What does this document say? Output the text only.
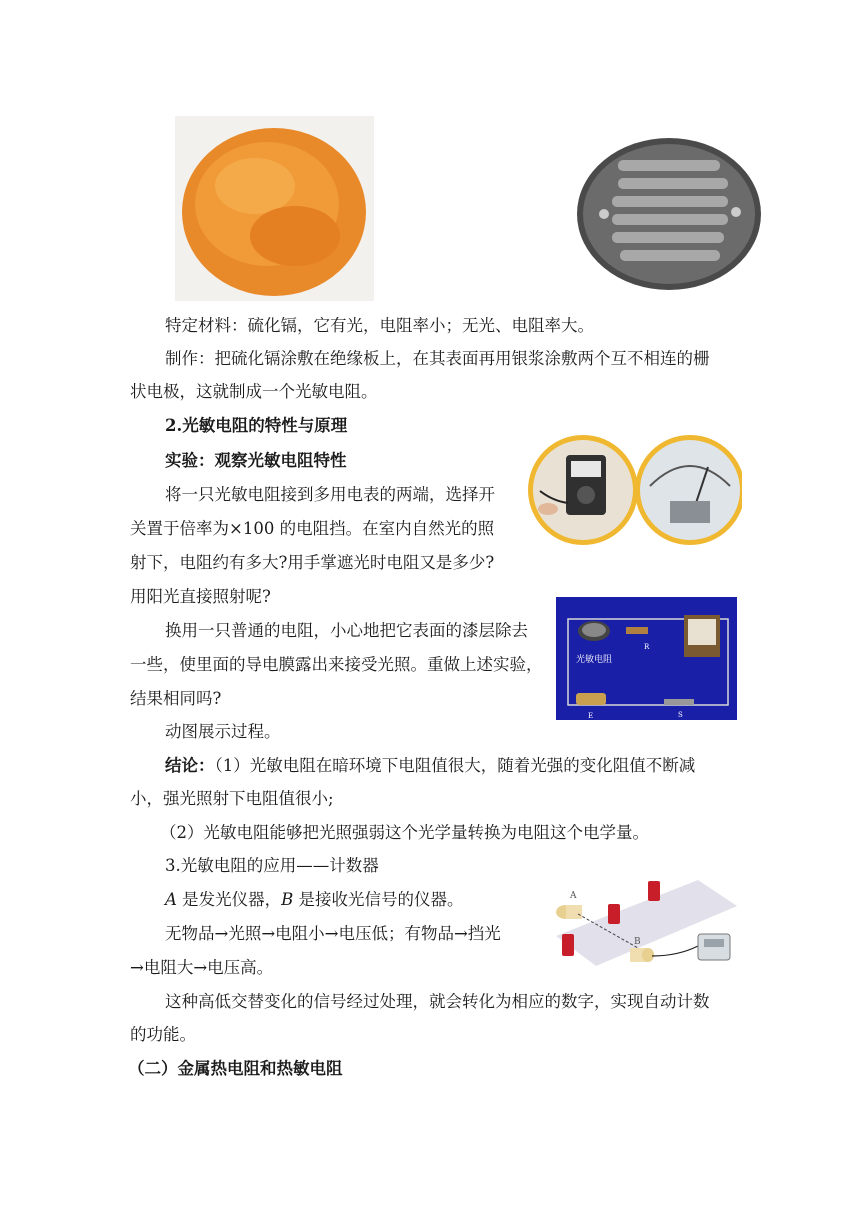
特定材料：硫化镉，它有光，电阻率小；无光、电阻率大。
制作：把硫化镉涂敷在绝缘板上，在其表面再用银浆涂敷两个互不相连的栅
状电极，这就制成一个光敏电阻。
2.光敏电阻的特性与原理
实验：观察光敏电阻特性
将一只光敏电阻接到多用电表的两端，选择开
关置于倍率为×100 的电阻挡。在室内自然光的照
射下，电阻约有多大?用手掌遮光时电阻又是多少?
用阳光直接照射呢?
光敏电阻
R
E	S
换用一只普通的电阻，小心地把它表面的漆层除去
一些，使里面的导电膜露出来接受光照。重做上述实验，
结果相同吗?
动图展示过程。
结论：（1）光敏电阻在暗环境下电阻值很大，随着光强的变化阻值不断减
小，强光照射下电阻值很小;
（2）光敏电阻能够把光照强弱这个光学量转换为电阻这个电学量。
3.光敏电阻的应用——计数器
A
B
A 是发光仪器，B 是接收光信号的仪器。
无物品→光照→电阻小→电压低；有物品→挡光
→电阻大→电压高。
这种高低交替变化的信号经过处理，就会转化为相应的数字，实现自动计数
的功能。
（二）金属热电阻和热敏电阻
